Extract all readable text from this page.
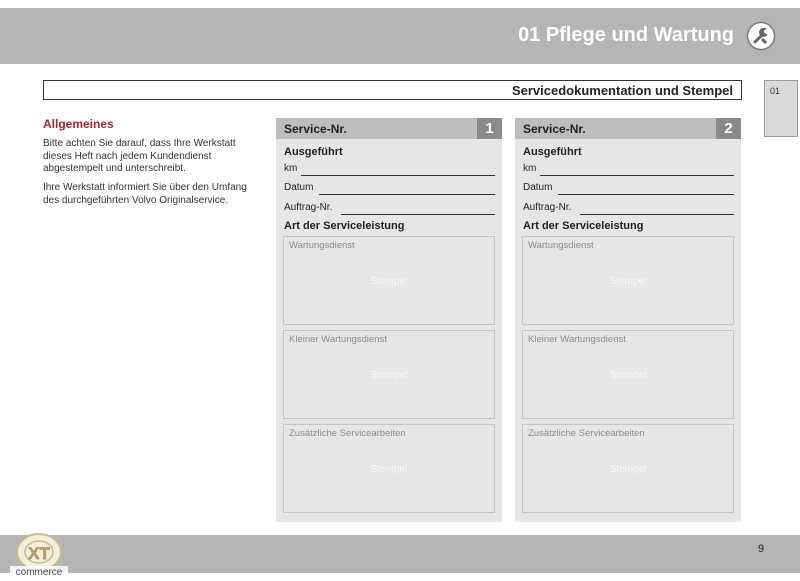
01 Pflege und Wartung
Servicedokumentation und Stempel	01
Allgemeines

Bitte achten Sie darauf, dass Ihre Werkstatt dieses Heft nach jedem Kundendienst abgestempelt und unterschreibt.

Ihre Werkstatt informiert Sie über den Umfang des durchgeführten Volvo Originalservice.

Service-Nr.	1
Ausgeführt
km
Datum
Auftrag-Nr.
Art der Serviceleistung
Wartungsdienst
Stempel
Kleiner Wartungsdienst
Stempel
Zusätzliche Servicearbeiten
Stempel
Service-Nr.	2
Ausgeführt
km
Datum
Auftrag-Nr.
Art der Serviceleistung
Wartungsdienst
Stempel
Kleiner Wartungsdienst
Stempel
Zusätzliche Servicearbeiten
Stempel
9
XT
commerce
